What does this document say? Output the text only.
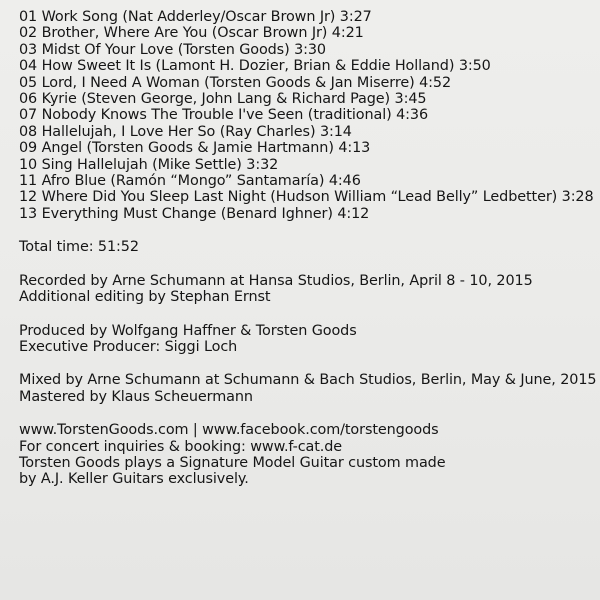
01 Work Song (Nat Adderley/Oscar Brown Jr) 3:27
02 Brother, Where Are You (Oscar Brown Jr) 4:21
03 Midst Of Your Love (Torsten Goods) 3:30
04 How Sweet It Is (Lamont H. Dozier, Brian & Eddie Holland) 3:50
05 Lord, I Need A Woman (Torsten Goods & Jan Miserre) 4:52
06 Kyrie (Steven George, John Lang & Richard Page) 3:45
07 Nobody Knows The Trouble I've Seen (traditional) 4:36
08 Hallelujah, I Love Her So (Ray Charles) 3:14
09 Angel (Torsten Goods & Jamie Hartmann) 4:13
10 Sing Hallelujah (Mike Settle) 3:32
11 Afro Blue (Ramón “Mongo” Santamaría) 4:46
12 Where Did You Sleep Last Night (Hudson William “Lead Belly” Ledbetter) 3:28
13 Everything Must Change (Benard Ighner) 4:12
Total time: 51:52
Recorded by Arne Schumann at Hansa Studios, Berlin, April 8 - 10, 2015
Additional editing by Stephan Ernst
Produced by Wolfgang Haffner & Torsten Goods
Executive Producer: Siggi Loch
Mixed by Arne Schumann at Schumann & Bach Studios, Berlin, May & June, 2015
Mastered by Klaus Scheuermann
www.TorstenGoods.com | www.facebook.com/torstengoods
For concert inquiries & booking: www.f-cat.de
Torsten Goods plays a Signature Model Guitar custom made
by A.J. Keller Guitars exclusively.
